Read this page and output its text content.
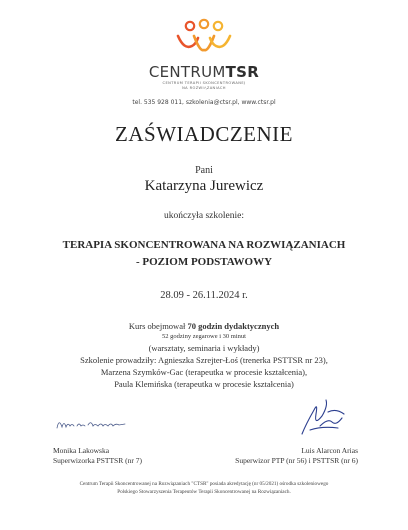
CENTRUMTSR
CENTRUM TERAPII SKONCENTROWANEJ
NA ROZWIĄZANIACH
tel. 535 928 011, szkolenia@ctsr.pl, www.ctsr.pl
ZAŚWIADCZENIE
Pani
Katarzyna Jurewicz
ukończyła szkolenie:
TERAPIA SKONCENTROWANA NA ROZWIĄZANIACH
- POZIOM PODSTAWOWY
28.09 - 26.11.2024 r.
Kurs obejmował 70 godzin dydaktycznych
52 godziny zegarowe i 30 minut
(warsztaty, seminaria i wykłady)
Szkolenie prowadziły: Agnieszka Szrejter-Łoś (trenerka PSTTSR nr 23),
Marzena Szymków-Gac (terapeutka w procesie kształcenia),
Paula Klemińska (terapeutka w procesie kształcenia)
Monika Lakowska
Superwizorka PSTTSR (nr 7)
Luis Alarcon Arias
Superwizor PTP (nr 56) i PSTTSR (nr 6)
Centrum Terapii Skoncentrowanej na Rozwiązaniach "CTSR" posiada akredytację (nr 05/2021) ośrodka szkoleniowego
Polskiego Stowarzyszenia Terapeutów Terapii Skoncentrowanej na Rozwiązaniach.
